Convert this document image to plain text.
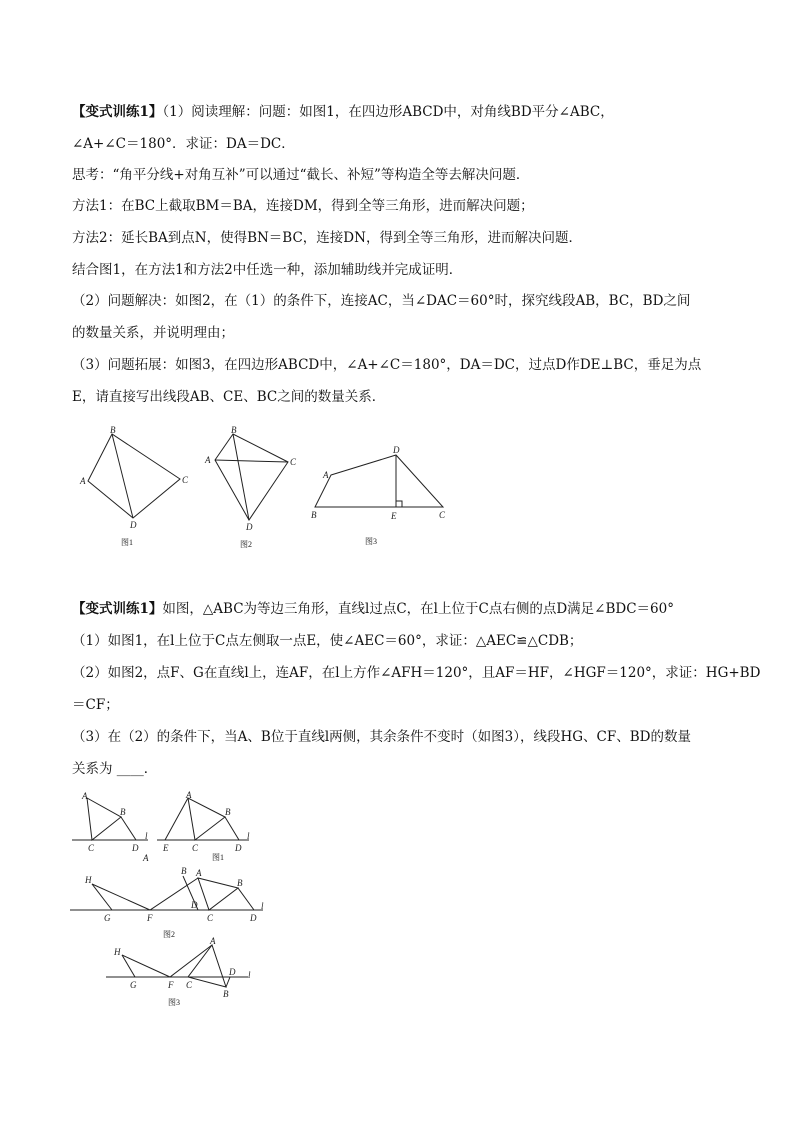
【变式训练1】（1）阅读理解：问题：如图1，在四边形ABCD中，对角线BD平分∠ABC，
∠A+∠C＝180°．求证：DA＝DC．
思考：“角平分线+对角互补”可以通过“截长、补短”等构造全等去解决问题．
方法1：在BC上截取BM＝BA，连接DM，得到全等三角形，进而解决问题；
方法2：延长BA到点N，使得BN＝BC，连接DN，得到全等三角形，进而解决问题．
结合图1，在方法1和方法2中任选一种，添加辅助线并完成证明．
（2）问题解决：如图2，在（1）的条件下，连接AC，当∠DAC＝60°时，探究线段AB，BC，BD之间
的数量关系，并说明理由；
（3）问题拓展：如图3，在四边形ABCD中，∠A+∠C＝180°，DA＝DC，过点D作DE⊥BC，垂足为点
E，请直接写出线段AB、CE、BC之间的数量关系．
B
A	C
D
图1
B
A	C
D
图2
D
A
B	E	C
图3
【变式训练1】如图，△ABC为等边三角形，直线l过点C，在l上位于C点右侧的点D满足∠BDC＝60°
（1）如图1，在l上位于C点左侧取一点E，使∠AEC＝60°，求证：△AEC≌△CDB；
（2）如图2，点F、G在直线l上，连AF，在l上方作∠AFH＝120°，且AF＝HF，∠HGF＝120°，求证：HG+BD
＝CF；
（3）在（2）的条件下，当A、B位于直线l两侧，其余条件不变时（如图3），线段HG、CF、BD的数量
关系为 ____．
A
B
C	D
l
A
A
B
E	C	D
l
图1
H
G	F
B A
B
D
C	D
l
图2
H
G	F C
A
D
B
l
图3
